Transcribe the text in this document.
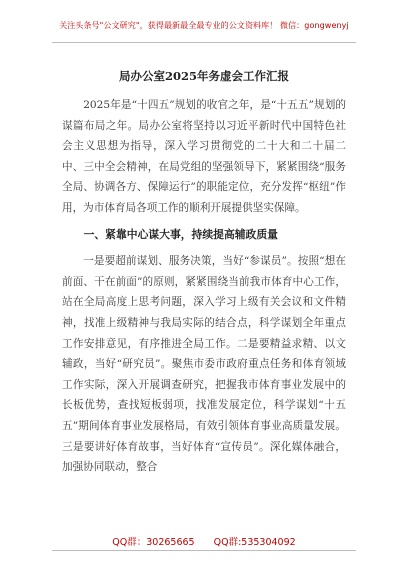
关注头条号"公文研究"，获得最新最全最专业的公文资料库！ 微信：gongwenyj
局办公室2025年务虚会工作汇报

2025年是“十四五”规划的收官之年，是“十五五”规划的谋篇布局之年。局办公室将坚持以习近平新时代中国特色社会主义思想为指导，深入学习贯彻党的二十大和二十届二中、三中全会精神，在局党组的坚强领导下，紧紧围绕“服务全局、协调各方、保障运行”的职能定位，充分发挥“枢纽”作用，为市体育局各项工作的顺利开展提供坚实保障。

一、紧靠中心谋大事，持续提高辅政质量

一是要超前谋划、服务决策，当好“参谋员”。按照“想在前面、干在前面”的原则，紧紧围绕当前我市体育中心工作，站在全局高度上思考问题，深入学习上级有关会议和文件精神，找准上级精神与我局实际的结合点，科学谋划全年重点工作安排意见，有序推进全局工作。二是要精益求精、以文辅政，当好“研究员”。聚焦市委市政府重点任务和体育领域工作实际，深入开展调查研究，把握我市体育事业发展中的长板优势，查找短板弱项，找准发展定位，科学谋划“十五五”期间体育事业发展格局，有效引领体育事业高质量发展。三是要讲好体育故事，当好体育“宣传员”。深化媒体融合，加强协同联动，整合

QQ群：30265665 QQ群:535304092
